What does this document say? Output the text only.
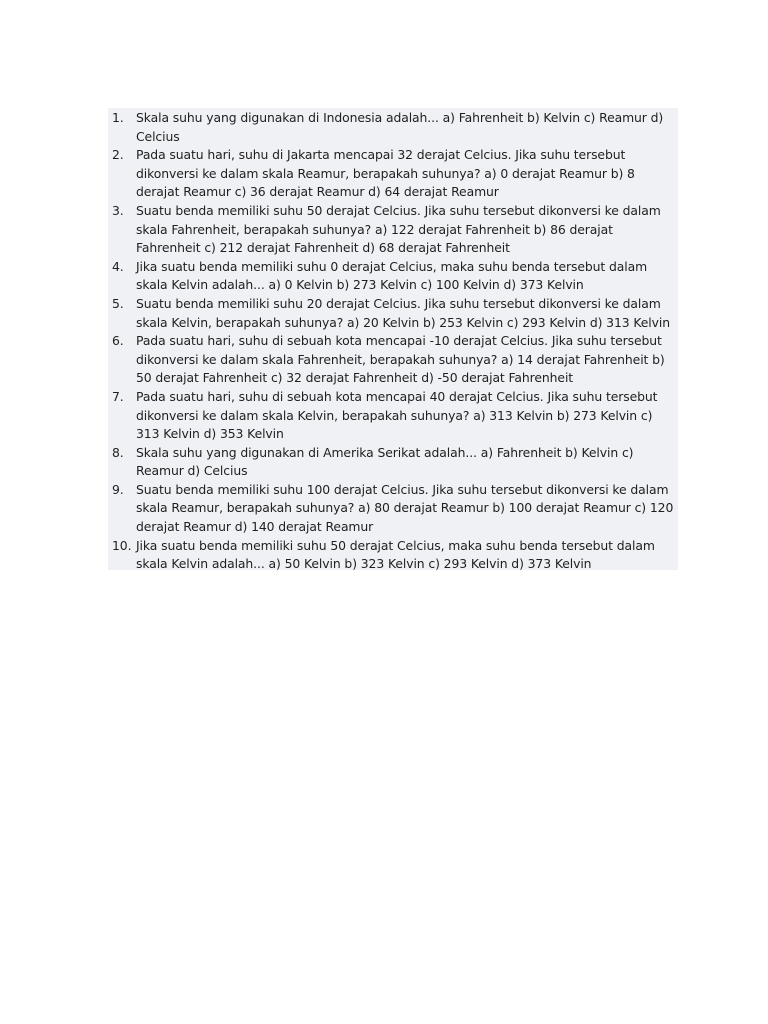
1. Skala suhu yang digunakan di Indonesia adalah... a) Fahrenheit b) Kelvin c) Reamur d) Celcius
2. Pada suatu hari, suhu di Jakarta mencapai 32 derajat Celcius. Jika suhu tersebut dikonversi ke dalam skala Reamur, berapakah suhunya? a) 0 derajat Reamur b) 8 derajat Reamur c) 36 derajat Reamur d) 64 derajat Reamur
3. Suatu benda memiliki suhu 50 derajat Celcius. Jika suhu tersebut dikonversi ke dalam skala Fahrenheit, berapakah suhunya? a) 122 derajat Fahrenheit b) 86 derajat Fahrenheit c) 212 derajat Fahrenheit d) 68 derajat Fahrenheit
4. Jika suatu benda memiliki suhu 0 derajat Celcius, maka suhu benda tersebut dalam skala Kelvin adalah... a) 0 Kelvin b) 273 Kelvin c) 100 Kelvin d) 373 Kelvin
5. Suatu benda memiliki suhu 20 derajat Celcius. Jika suhu tersebut dikonversi ke dalam skala Kelvin, berapakah suhunya? a) 20 Kelvin b) 253 Kelvin c) 293 Kelvin d) 313 Kelvin
6. Pada suatu hari, suhu di sebuah kota mencapai -10 derajat Celcius. Jika suhu tersebut dikonversi ke dalam skala Fahrenheit, berapakah suhunya? a) 14 derajat Fahrenheit b) 50 derajat Fahrenheit c) 32 derajat Fahrenheit d) -50 derajat Fahrenheit
7. Pada suatu hari, suhu di sebuah kota mencapai 40 derajat Celcius. Jika suhu tersebut dikonversi ke dalam skala Kelvin, berapakah suhunya? a) 313 Kelvin b) 273 Kelvin c) 313 Kelvin d) 353 Kelvin
8. Skala suhu yang digunakan di Amerika Serikat adalah... a) Fahrenheit b) Kelvin c) Reamur d) Celcius
9. Suatu benda memiliki suhu 100 derajat Celcius. Jika suhu tersebut dikonversi ke dalam skala Reamur, berapakah suhunya? a) 80 derajat Reamur b) 100 derajat Reamur c) 120 derajat Reamur d) 140 derajat Reamur
10. Jika suatu benda memiliki suhu 50 derajat Celcius, maka suhu benda tersebut dalam skala Kelvin adalah... a) 50 Kelvin b) 323 Kelvin c) 293 Kelvin d) 373 Kelvin
